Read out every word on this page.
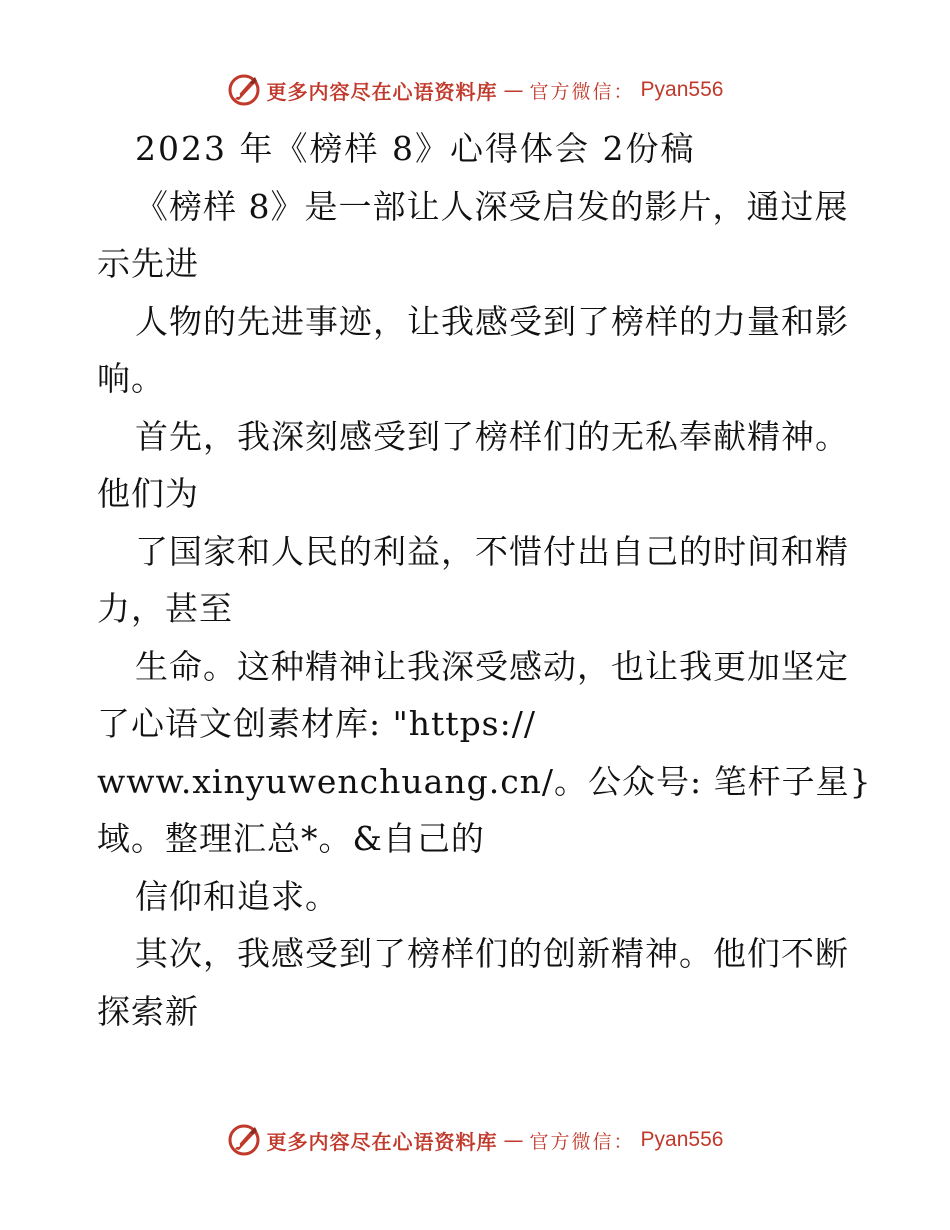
更多内容尽在心语资料库 — 官方微信： Pyan556
2023 年《榜样 8》心得体会 2份稿
《榜样 8》是一部让人深受启发的影片，通过展
示先进
人物的先进事迹，让我感受到了榜样的力量和影
响。
首先，我深刻感受到了榜样们的无私奉献精神。
他们为
了国家和人民的利益，不惜付出自己的时间和精
力，甚至
生命。这种精神让我深受感动，也让我更加坚定
了心语文创素材库: "https://
www.xinyuwenchuang.cn/。公众号: 笔杆子星}
域。整理汇总*。&自己的
信仰和追求。
其次，我感受到了榜样们的创新精神。他们不断
探索新
更多内容尽在心语资料库 — 官方微信： Pyan556
